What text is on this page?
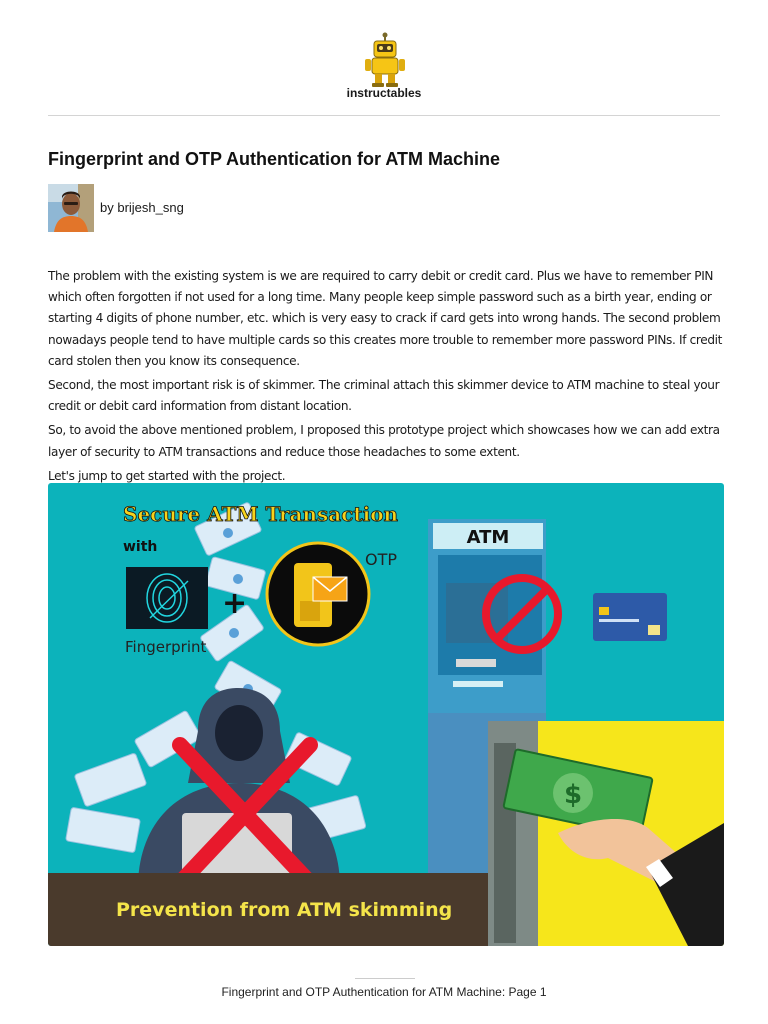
instructables
Fingerprint and OTP Authentication for ATM Machine
by brijesh_sng

The problem with the existing system is we are required to carry debit or credit card. Plus we have to remember PIN which often forgotten if not used for a long time. Many people keep simple password such as a birth year, ending or starting 4 digits of phone number, etc. which is very easy to crack if card gets into wrong hands. The second problem nowadays people tend to have multiple cards so this creates more trouble to remember more password PINs. If credit card stolen then you know its consequence.

Second, the most important risk is of skimmer. The criminal attach this skimmer device to ATM machine to steal your credit or debit card information from distant location.

So, to avoid the above mentioned problem, I proposed this prototype project which showcases how we can add extra layer of security to ATM transactions and reduce those headaches to some extent.

Let's jump to get started with the project.

Secure ATM Transaction
with
Fingerprint
+
OTP
ATM
Prevention from ATM skimming
$
Fingerprint and OTP Authentication for ATM Machine: Page 1
